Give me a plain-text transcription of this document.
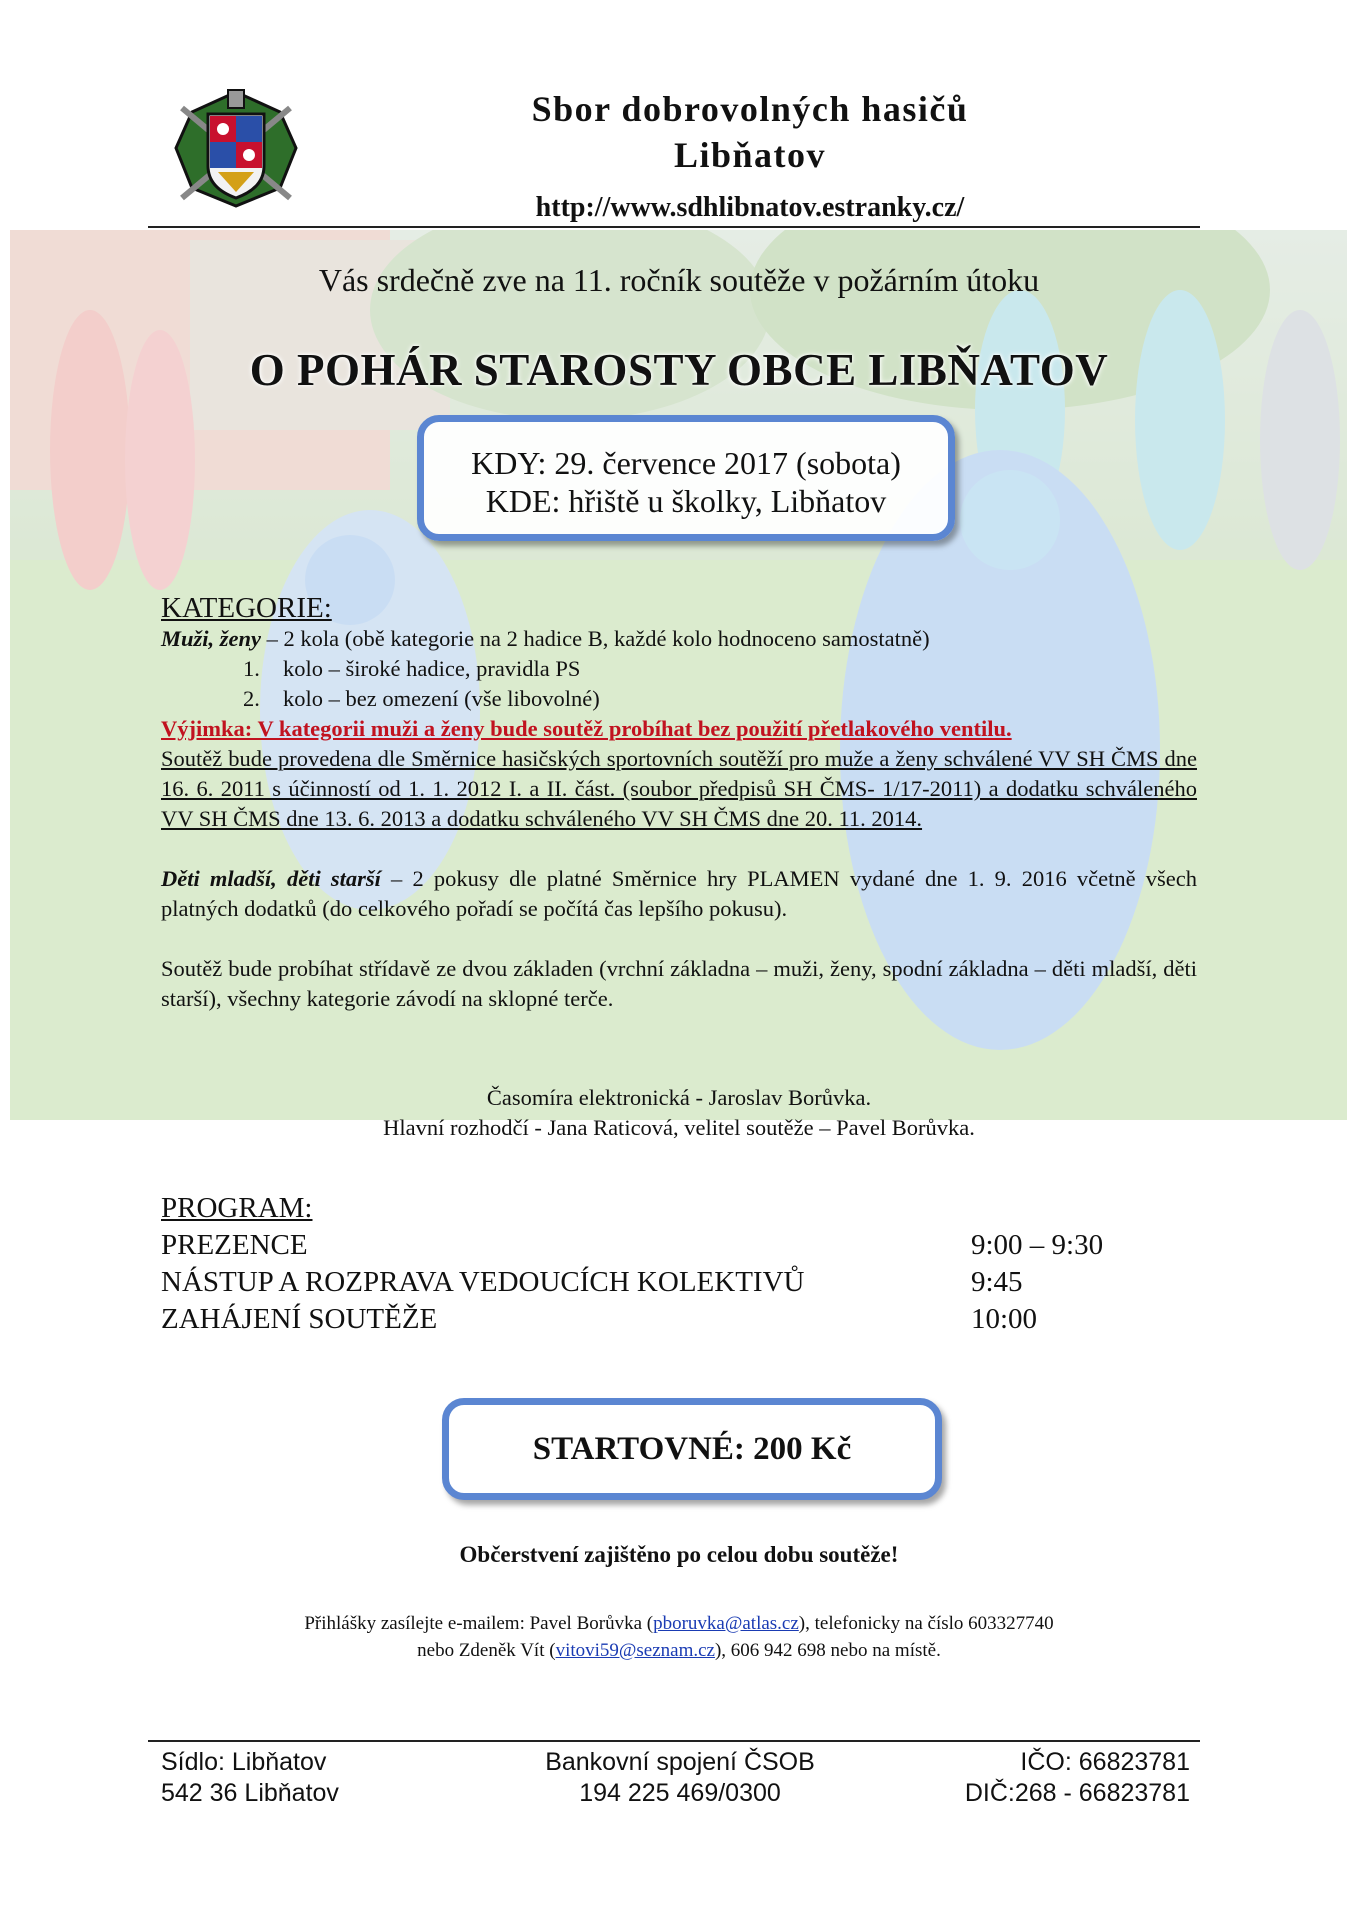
Sbor dobrovolných hasičů
Libňatov
http://www.sdhlibnatov.estranky.cz/
Vás srdečně zve na 11. ročník soutěže v požárním útoku
O POHÁR STAROSTY OBCE LIBŇATOV
KDY: 29. července 2017 (sobota)
KDE: hřiště u školky, Libňatov

KATEGORIE:

Muži, ženy – 2 kola (obě kategorie na 2 hadice B, každé kolo hodnoceno samostatně)

1. kolo – široké hadice, pravidla PS

2. kolo – bez omezení (vše libovolné)

Výjimka: V kategorii muži a ženy bude soutěž probíhat bez použití přetlakového ventilu.

Soutěž bude provedena dle Směrnice hasičských sportovních soutěží pro muže a ženy schválené VV SH ČMS dne 16. 6. 2011 s účinností od 1. 1. 2012 I. a II. část. (soubor předpisů SH ČMS- 1/17-2011) a dodatku schváleného VV SH ČMS dne 13. 6. 2013 a dodatku schváleného VV SH ČMS dne 20. 11. 2014.

Děti mladší, děti starší – 2 pokusy dle platné Směrnice hry PLAMEN vydané dne 1. 9. 2016 včetně všech platných dodatků (do celkového pořadí se počítá čas lepšího pokusu).

Soutěž bude probíhat střídavě ze dvou základen (vrchní základna – muži, ženy, spodní základna – děti mladší, děti starší), všechny kategorie závodí na sklopné terče.

Časomíra elektronická - Jaroslav Borůvka.
Hlavní rozhodčí - Jana Raticová, velitel soutěže – Pavel Borůvka.
PROGRAM:
PREZENCE	9:00 – 9:30
NÁSTUP A ROZPRAVA VEDOUCÍCH KOLEKTIVŮ	9:45
ZAHÁJENÍ SOUTĚŽE	10:00
STARTOVNÉ: 200 Kč
Občerstvení zajištěno po celou dobu soutěže!
Přihlášky zasílejte e-mailem: Pavel Borůvka (pboruvka@atlas.cz), telefonicky na číslo 603327740
nebo Zdeněk Vít (vitovi59@seznam.cz), 606 942 698 nebo na místě.
Sídlo: Libňatov
542 36 Libňatov
Bankovní spojení ČSOB
194 225 469/0300
IČO: 66823781
DIČ:268 - 66823781
